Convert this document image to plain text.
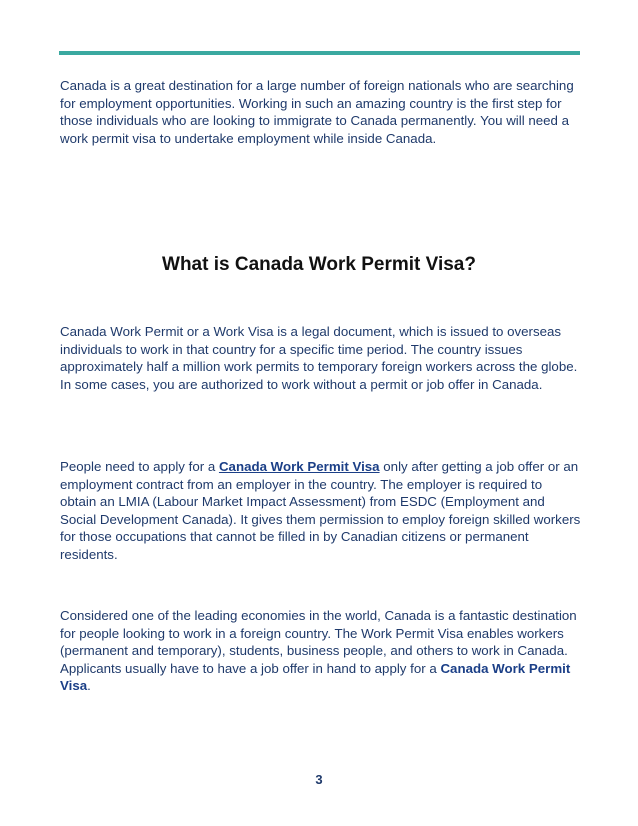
Canada is a great destination for a large number of foreign nationals who are searching for employment opportunities. Working in such an amazing country is the first step for those individuals who are looking to immigrate to Canada permanently. You will need a work permit visa to undertake employment while inside Canada.

What is Canada Work Permit Visa?

Canada Work Permit or a Work Visa is a legal document, which is issued to overseas individuals to work in that country for a specific time period. The country issues approximately half a million work permits to temporary foreign workers across the globe. In some cases, you are authorized to work without a permit or job offer in Canada.

People need to apply for a Canada Work Permit Visa only after getting a job offer or an employment contract from an employer in the country. The employer is required to obtain an LMIA (Labour Market Impact Assessment) from ESDC (Employment and Social Development Canada). It gives them permission to employ foreign skilled workers for those occupations that cannot be filled in by Canadian citizens or permanent residents.

Considered one of the leading economies in the world, Canada is a fantastic destination for people looking to work in a foreign country. The Work Permit Visa enables workers (permanent and temporary), students, business people, and others to work in Canada. Applicants usually have to have a job offer in hand to apply for a Canada Work Permit Visa.

3
